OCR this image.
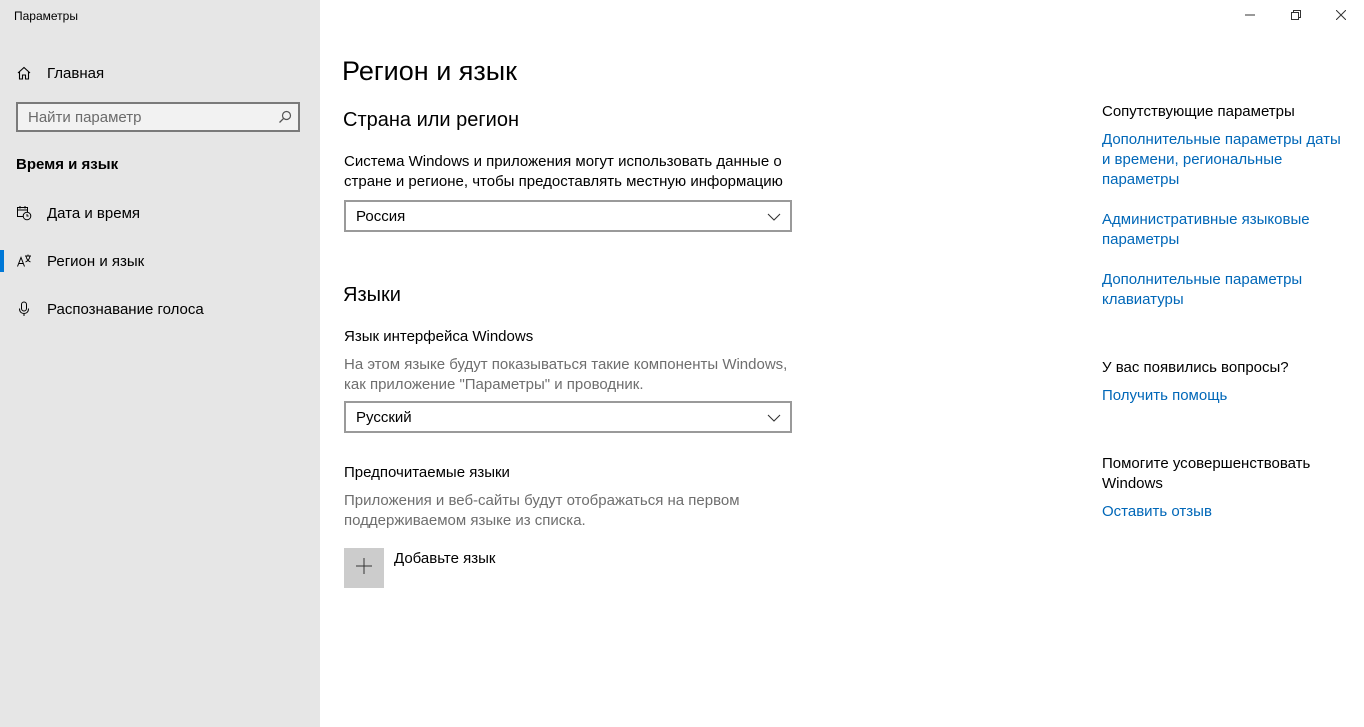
Параметры
Главная
Найти параметр
Время и язык
Дата и время
Регион и язык
Распознавание голоса
Регион и язык
Страна или регион
Система Windows и приложения могут использовать данные о
стране и регионе, чтобы предоставлять местную информацию
Россия
Языки
Язык интерфейса Windows
На этом языке будут показываться такие компоненты Windows,
как приложение "Параметры" и проводник.
Русский
Предпочитаемые языки
Приложения и веб-сайты будут отображаться на первом
поддерживаемом языке из списка.
Добавьте язык
Сопутствующие параметры
Дополнительные параметры даты
и времени, региональные
параметры
Административные языковые
параметры
Дополнительные параметры
клавиатуры
У вас появились вопросы?
Получить помощь
Помогите усовершенствовать
Windows
Оставить отзыв
